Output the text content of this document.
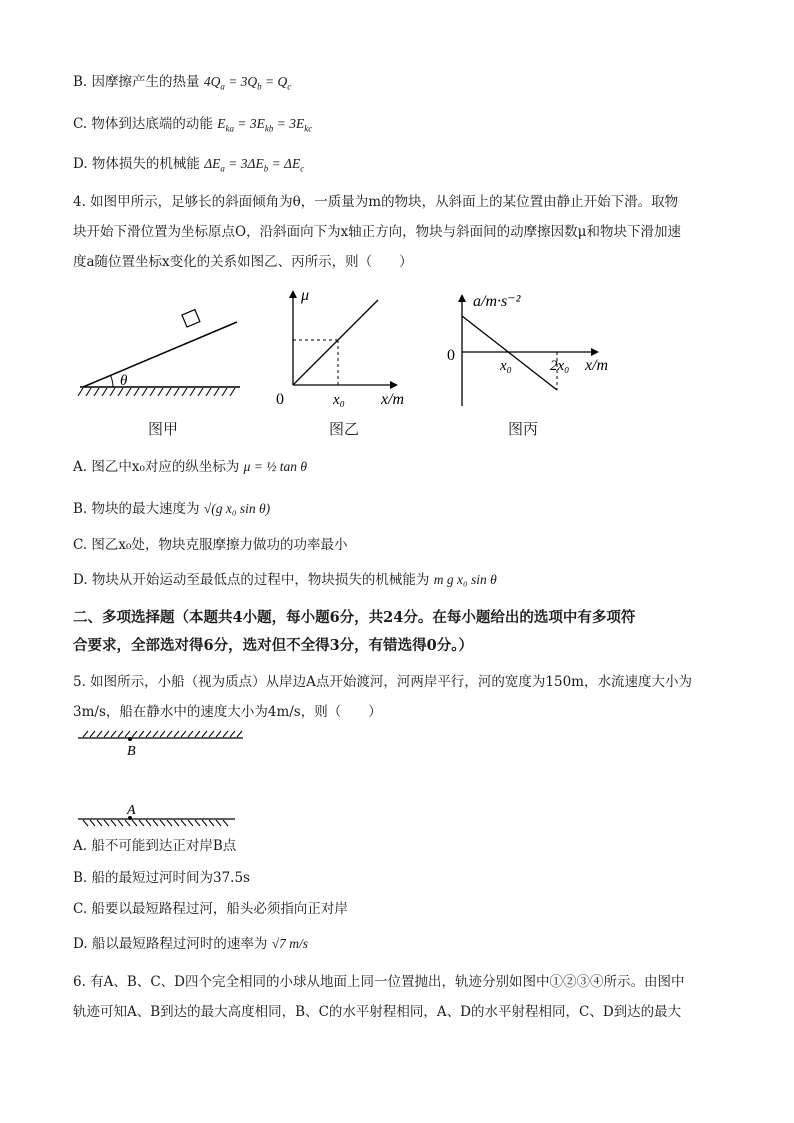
B. 因摩擦产生的热量 $4Q_a = 3Q_b = Q_c$
C. 物体到达底端的动能 $E_{ka} = 3E_{kb} = 3E_{kc}$
D. 物体损失的机械能 $\Delta E_a = 3\Delta E_b = \Delta E_c$
4. 如图甲所示，足够长的斜面倾角为θ，一质量为m的物块，从斜面上的某位置由静止开始下滑。取物
块开始下滑位置为坐标原点O，沿斜面向下为x轴正方向，物块与斜面间的动摩擦因数μ和物块下滑加速
度a随位置坐标x变化的关系如图乙、丙所示，则（　　）
θ
图甲
μ
0	x₀ x/m
图乙
a/m·s⁻²
0
x₀	2x₀ x/m
图丙
A. 图乙中x₀对应的纵坐标为 μ = ½ tan θ
B. 物块的最大速度为 √(g x₀ sin θ)
C. 图乙x₀处，物块克服摩擦力做功的功率最小
D. 物块从开始运动至最低点的过程中，物块损失的机械能为 m g x₀ sin θ
二、多项选择题（本题共4小题，每小题6分，共24分。在每小题给出的选项中有多项符
合要求，全部选对得6分，选对但不全得3分，有错选得0分。）
5. 如图所示，小船（视为质点）从岸边A点开始渡河，河两岸平行，河的宽度为150m，水流速度大小为
3m/s，船在静水中的速度大小为4m/s，则（　　）
B
A
A. 船不可能到达正对岸B点
B. 船的最短过河时间为37.5s
C. 船要以最短路程过河，船头必须指向正对岸
D. 船以最短路程过河时的速率为 √7 m/s
6. 有A、B、C、D四个完全相同的小球从地面上同一位置抛出，轨迹分别如图中①②③④所示。由图中
轨迹可知A、B到达的最大高度相同，B、C的水平射程相同，A、D的水平射程相同，C、D到达的最大
